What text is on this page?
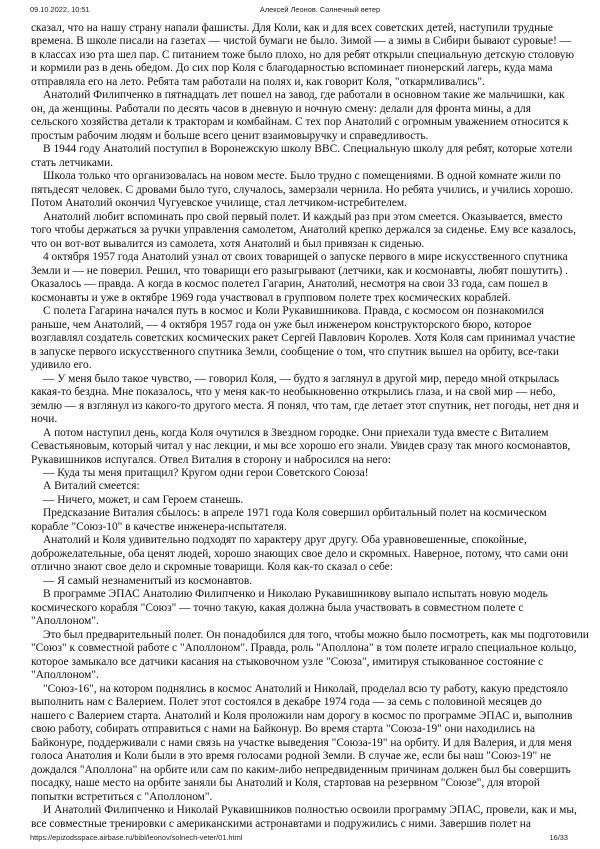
09.10.2022, 10:51	Алексей Леонов. Солнечный ветер
сказал, что на нашу страну напали фашисты. Для Коли, как и для всех советских детей, наступили трудные
времена. В школе писали на газетах — чистой бумаги не было. Зимой — а зимы в Сибири бывают суровые! —
в классах изо рта шел пар. С питанием тоже было плохо, но для ребят открыли специальную детскую столовую
и кормили раз в день обедом. До сих пор Коля с благодарностью вспоминает пионерский лагерь, куда мама
отправляла его на лето. Ребята там работали на полях и, как говорит Коля, "откармливались".
Анатолий Филипченко в пятнадцать лет пошел на завод, где работали в основном такие же мальчишки, как
он, да женщины. Работали по десять часов в дневную и ночную смену: делали для фронта мины, а для
сельского хозяйства детали к тракторам и комбайнам. С тех пор Анатолий с огромным уважением относится к
простым рабочим людям и больше всего ценит взаимовыручку и справедливость.
В 1944 году Анатолий поступил в Воронежскую школу ВВС. Специальную школу для ребят, которые хотели
стать летчиками.
Школа только что организовалась на новом месте. Было трудно с помещениями. В одной комнате жили по
пятьдесят человек. С дровами было туго, случалось, замерзали чернила. Но ребята учились, и учились хорошо.
Потом Анатолий окончил Чугуевское училище, стал летчиком-истребителем.
Анатолий любит вспоминать про свой первый полет. И каждый раз при этом смеется. Оказывается, вместо
того чтобы держаться за ручки управления самолетом, Анатолий крепко держался за сиденье. Ему все казалось,
что он вот-вот вывалится из самолета, хотя Анатолий и был привязан к сиденью.
4 октября 1957 года Анатолий узнал от своих товарищей о запуске первого в мире искусственного спутника
Земли и — не поверил. Решил, что товарищи его разыгрывают (летчики, как и космонавты, любят пошутить) .
Оказалось — правда. А когда в космос полетел Гагарин, Анатолий, несмотря на свои 33 года, сам пошел в
космонавты и уже в октябре 1969 года участвовал в групповом полете трех космических кораблей.
С полета Гагарина начался путь в космос и Коли Рукавишникова. Правда, с космосом он познакомился
раньше, чем Анатолий, — 4 октября 1957 года он уже был инженером конструкторского бюро, которое
возглавлял создатель советских космических ракет Сергей Павлович Королев. Хотя Коля сам принимал участие
в запуске первого искусственного спутника Земли, сообщение о том, что спутник вышел на орбиту, все-таки
удивило его.
— У меня было такое чувство, — говорил Коля, — будто я заглянул в другой мир, передо мной открылась
какая-то бездна. Мне показалось, что у меня как-то необыкновенно открылись глаза, и на свой мир — небо,
землю — я взглянул из какого-то другого места. Я понял, что там, где летает этот спутник, нет погоды, нет дня и
ночи.
А потом наступил день, когда Коля очутился в Звездном городке. Они приехали туда вместе с Виталием
Севастьяновым, который читал у нас лекции, и мы все хорошо его знали. Увидев сразу так много космонавтов,
Рукавишников испугался. Отвел Виталия в сторону и набросился на него:
— Куда ты меня притащил? Кругом одни герои Советского Союза!
А Виталий смеется:
— Ничего, может, и сам Героем станешь.
Предсказание Виталия сбылось: в апреле 1971 года Коля совершил орбитальный полет на космическом
корабле "Союз-10" в качестве инженера-испытателя.
Анатолий и Коля удивительно подходят по характеру друг другу. Оба уравновешенные, спокойные,
доброжелательные, оба ценят людей, хорошо знающих свое дело и скромных. Наверное, потому, что сами они
отлично знают свое дело и скромные товарищи. Коля как-то сказал о себе:
— Я самый незнаменитый из космонавтов.
В программе ЭПАС Анатолию Филипченко и Николаю Рукавишникову выпало испытать новую модель
космического корабля "Союз" — точно такую, какая должна была участвовать в совместном полете с
"Аполлоном".
Это был предварительный полет. Он понадобился для того, чтобы можно было посмотреть, как мы подготовили
"Союз" к совместной работе с "Аполлоном". Правда, роль "Аполлона" в том полете играло специальное кольцо,
которое замыкало все датчики касания на стыковочном узле "Союза", имитируя стыкованное состояние с
"Аполлоном".
"Союз-16", на котором поднялись в космос Анатолий и Николай, проделал всю ту работу, какую предстояло
выполнить нам с Валерием. Полет этот состоялся в декабре 1974 года — за семь с половиной месяцев до
нашего с Валерием старта. Анатолий и Коля проложили нам дорогу в космос по программе ЭПАС и, выполнив
свою работу, собирать отправиться с нами на Байконур. Во время старта "Союза-19" они находились на
Байконуре, поддерживали с нами связь на участке выведения "Союза-19" на орбиту. И для Валерия, и для меня
голоса Анатолия и Коли были в это время голосами родной Земли. В случае же, если бы наш "Союз-19" не
дождался "Аполлона" на орбите или сам по каким-либо непредвиденным причинам должен был бы совершить
посадку, наше место на орбите заняли бы Анатолий и Коля, стартовав на резервном "Союзе", для второй
попытки встретиться с "Аполлоном".
И Анатолий Филипченко и Николай Рукавишников полностью освоили программу ЭПАС, провели, как и мы,
все совместные тренировки с американскими астронавтами и подружились с ними. Завершив полет на
https://epizodsspace.airbase.ru/bibl/leonov/solnech-veter/01.html	16/33
